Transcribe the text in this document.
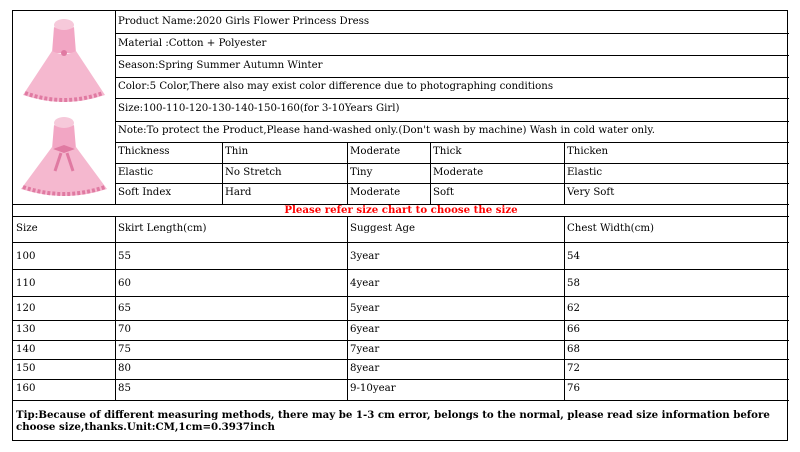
Product Name:2020 Girls Flower Princess Dress
Material :Cotton + Polyester
Season:Spring Summer Autumn Winter
Color:5 Color,There also may exist color difference due to photographing conditions
Size:100-110-120-130-140-150-160(for 3-10Years Girl)
Note:To protect the Product,Please hand-washed only.(Don't wash by machine) Wash in cold water only.
Thickness	Thin	Moderate	Thick	Thicken
Elastic	No Stretch	Tiny	Moderate	Elastic
Soft Index	Hard	Moderate	Soft	Very Soft
Please refer size chart to choose the size
Size	Skirt Length(cm)	Suggest Age	Chest Width(cm)
100	55	3year	54
110	60	4year	58
120	65	5year	62
130	70	6year	66
140	75	7year	68
150	80	8year	72
160	85	9-10year	76
Tip:Because of different measuring methods, there may be 1-3 cm error, belongs to the normal, please read size information before choose size,thanks.Unit:CM,1cm=0.3937inch
